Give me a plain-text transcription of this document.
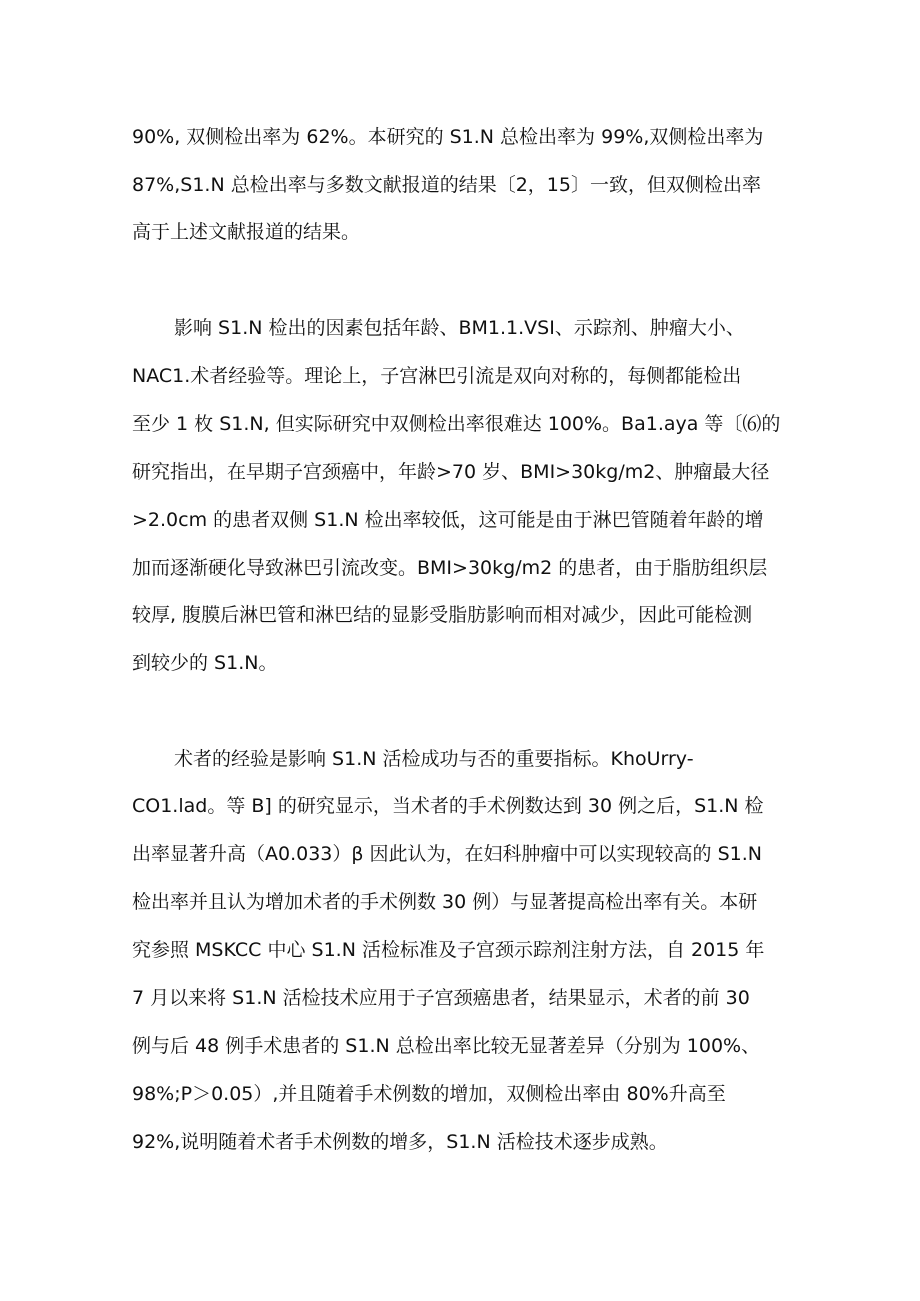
90%, 双侧检出率为 62%。本研究的 S1.N 总检出率为 99%,双侧检出率为
87%,S1.N 总检出率与多数文献报道的结果〔2，15〕一致，但双侧检出率
高于上述文献报道的结果。
影响 S1.N 检出的因素包括年龄、BM1.1.VSI、示踪剂、肿瘤大小、
NAC1.术者经验等。理论上，子宫淋巴引流是双向对称的，每侧都能检出
至少 1 枚 S1.N, 但实际研究中双侧检出率很难达 100%。Ba1.aya 等〔⑹的
研究指出，在早期子宫颈癌中，年龄>70 岁、BMI>30kg/m2、肿瘤最大径
>2.0cm 的患者双侧 S1.N 检出率较低，这可能是由于淋巴管随着年龄的增
加而逐渐硬化导致淋巴引流改变。BMI>30kg∕m2 的患者，由于脂肪组织层
较厚, 腹膜后淋巴管和淋巴结的显影受脂肪影响而相对减少，因此可能检测
到较少的 S1.N。
术者的经验是影响 S1.N 活检成功与否的重要指标。KhoUrry-
CO1.lad。等 B] 的研究显示，当术者的手术例数达到 30 例之后，S1.N 检
出率显著升高（A0.033）β 因此认为，在妇科肿瘤中可以实现较高的 S1.N
检出率并且认为增加术者的手术例数 30 例）与显著提高检出率有关。本研
究参照 MSKCC 中心 S1.N 活检标准及子宫颈示踪剂注射方法，自 2015 年
7 月以来将 S1.N 活检技术应用于子宫颈癌患者，结果显示，术者的前 30
例与后 48 例手术患者的 S1.N 总检出率比较无显著差异（分别为 100%、
98%;P＞0.05）,并且随着手术例数的增加，双侧检出率由 80%升高至
92%,说明随着术者手术例数的增多，S1.N 活检技术逐步成熟。
